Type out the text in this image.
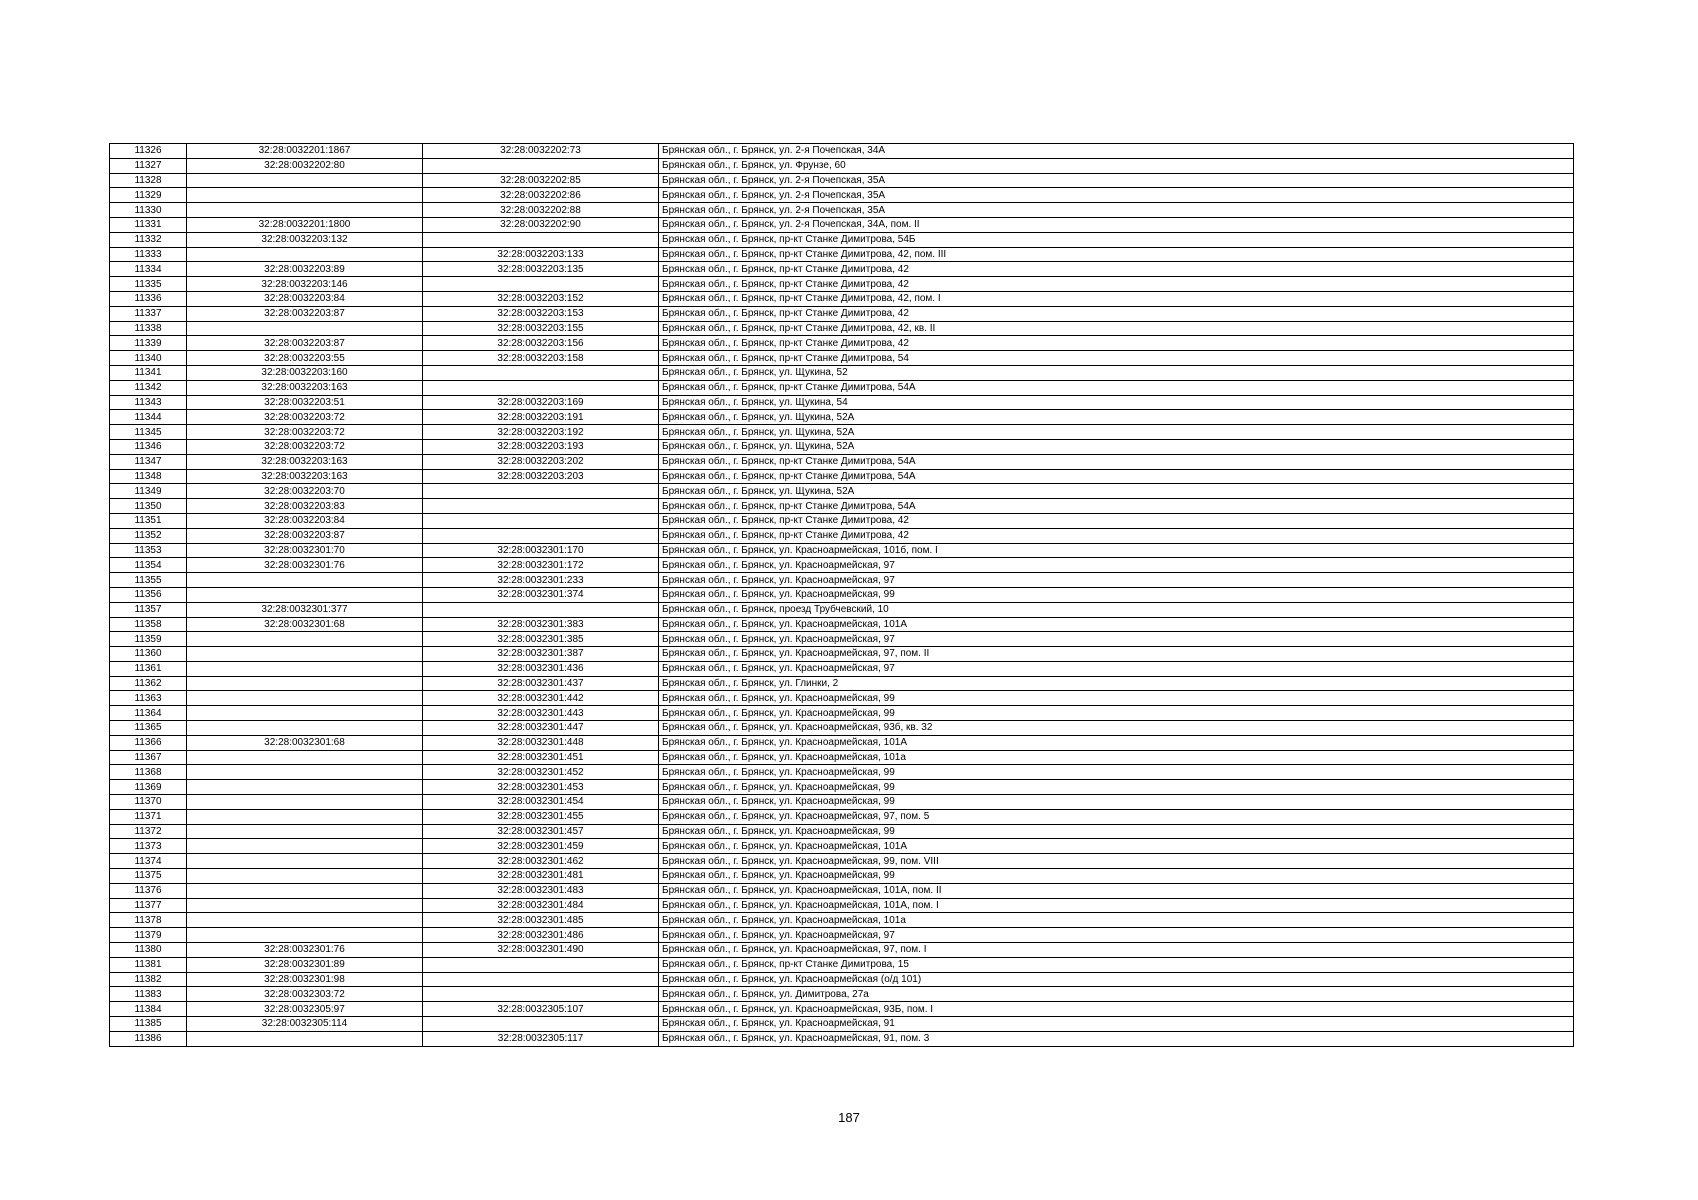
11326	32:28:0032201:1867	32:28:0032202:73	Брянская обл., г. Брянск, ул. 2-я Почепская, 34А
11327	32:28:0032202:80		Брянская обл., г. Брянск, ул. Фрунзе, 60
11328		32:28:0032202:85	Брянская обл., г. Брянск, ул. 2-я Почепская, 35А
11329		32:28:0032202:86	Брянская обл., г. Брянск, ул. 2-я Почепская, 35А
11330		32:28:0032202:88	Брянская обл., г. Брянск, ул. 2-я Почепская, 35А
11331	32:28:0032201:1800	32:28:0032202:90	Брянская обл., г. Брянск, ул. 2-я Почепская, 34А, пом. II
11332	32:28:0032203:132		Брянская обл., г. Брянск, пр-кт Станке Димитрова, 54Б
11333		32:28:0032203:133	Брянская обл., г. Брянск, пр-кт Станке Димитрова, 42, пом. III
11334	32:28:0032203:89	32:28:0032203:135	Брянская обл., г. Брянск, пр-кт Станке Димитрова, 42
11335	32:28:0032203:146		Брянская обл., г. Брянск, пр-кт Станке Димитрова, 42
11336	32:28:0032203:84	32:28:0032203:152	Брянская обл., г. Брянск, пр-кт Станке Димитрова, 42, пом. I
11337	32:28:0032203:87	32:28:0032203:153	Брянская обл., г. Брянск, пр-кт Станке Димитрова, 42
11338		32:28:0032203:155	Брянская обл., г. Брянск, пр-кт Станке Димитрова, 42, кв. II
11339	32:28:0032203:87	32:28:0032203:156	Брянская обл., г. Брянск, пр-кт Станке Димитрова, 42
11340	32:28:0032203:55	32:28:0032203:158	Брянская обл., г. Брянск, пр-кт Станке Димитрова, 54
11341	32:28:0032203:160		Брянская обл., г. Брянск, ул. Щукина, 52
11342	32:28:0032203:163		Брянская обл., г. Брянск, пр-кт Станке Димитрова, 54А
11343	32:28:0032203:51	32:28:0032203:169	Брянская обл., г. Брянск, ул. Щукина, 54
11344	32:28:0032203:72	32:28:0032203:191	Брянская обл., г. Брянск, ул. Щукина, 52А
11345	32:28:0032203:72	32:28:0032203:192	Брянская обл., г. Брянск, ул. Щукина, 52А
11346	32:28:0032203:72	32:28:0032203:193	Брянская обл., г. Брянск, ул. Щукина, 52А
11347	32:28:0032203:163	32:28:0032203:202	Брянская обл., г. Брянск, пр-кт Станке Димитрова, 54А
11348	32:28:0032203:163	32:28:0032203:203	Брянская обл., г. Брянск, пр-кт Станке Димитрова, 54А
11349	32:28:0032203:70		Брянская обл., г. Брянск, ул. Щукина, 52А
11350	32:28:0032203:83		Брянская обл., г. Брянск, пр-кт Станке Димитрова, 54А
11351	32:28:0032203:84		Брянская обл., г. Брянск, пр-кт Станке Димитрова, 42
11352	32:28:0032203:87		Брянская обл., г. Брянск, пр-кт Станке Димитрова, 42
11353	32:28:0032301:70	32:28:0032301:170	Брянская обл., г. Брянск, ул. Красноармейская, 101б, пом. I
11354	32:28:0032301:76	32:28:0032301:172	Брянская обл., г. Брянск, ул. Красноармейская, 97
11355		32:28:0032301:233	Брянская обл., г. Брянск, ул. Красноармейская, 97
11356		32:28:0032301:374	Брянская обл., г. Брянск, ул. Красноармейская, 99
11357	32:28:0032301:377		Брянская обл., г. Брянск, проезд Трубчевский, 10
11358	32:28:0032301:68	32:28:0032301:383	Брянская обл., г. Брянск, ул. Красноармейская, 101А
11359		32:28:0032301:385	Брянская обл., г. Брянск, ул. Красноармейская, 97
11360		32:28:0032301:387	Брянская обл., г. Брянск, ул. Красноармейская, 97, пом. II
11361		32:28:0032301:436	Брянская обл., г. Брянск, ул. Красноармейская, 97
11362		32:28:0032301:437	Брянская обл., г. Брянск, ул. Глинки, 2
11363		32:28:0032301:442	Брянская обл., г. Брянск, ул. Красноармейская, 99
11364		32:28:0032301:443	Брянская обл., г. Брянск, ул. Красноармейская, 99
11365		32:28:0032301:447	Брянская обл., г. Брянск, ул. Красноармейская, 93б, кв. 32
11366	32:28:0032301:68	32:28:0032301:448	Брянская обл., г. Брянск, ул. Красноармейская, 101А
11367		32:28:0032301:451	Брянская обл., г. Брянск, ул. Красноармейская, 101а
11368		32:28:0032301:452	Брянская обл., г. Брянск, ул. Красноармейская, 99
11369		32:28:0032301:453	Брянская обл., г. Брянск, ул. Красноармейская, 99
11370		32:28:0032301:454	Брянская обл., г. Брянск, ул. Красноармейская, 99
11371		32:28:0032301:455	Брянская обл., г. Брянск, ул. Красноармейская, 97, пом. 5
11372		32:28:0032301:457	Брянская обл., г. Брянск, ул. Красноармейская, 99
11373		32:28:0032301:459	Брянская обл., г. Брянск, ул. Красноармейская, 101А
11374		32:28:0032301:462	Брянская обл., г. Брянск, ул. Красноармейская, 99, пом. VIII
11375		32:28:0032301:481	Брянская обл., г. Брянск, ул. Красноармейская, 99
11376		32:28:0032301:483	Брянская обл., г. Брянск, ул. Красноармейская, 101А, пом. II
11377		32:28:0032301:484	Брянская обл., г. Брянск, ул. Красноармейская, 101А, пом. I
11378		32:28:0032301:485	Брянская обл., г. Брянск, ул. Красноармейская, 101а
11379		32:28:0032301:486	Брянская обл., г. Брянск, ул. Красноармейская, 97
11380	32:28:0032301:76	32:28:0032301:490	Брянская обл., г. Брянск, ул. Красноармейская, 97, пом. I
11381	32:28:0032301:89		Брянская обл., г. Брянск, пр-кт Станке Димитрова, 15
11382	32:28:0032301:98		Брянская обл., г. Брянск, ул. Красноармейская (о/д 101)
11383	32:28:0032303:72		Брянская обл., г. Брянск, ул. Димитрова, 27а
11384	32:28:0032305:97	32:28:0032305:107	Брянская обл., г. Брянск, ул. Красноармейская, 93Б, пом. I
11385	32:28:0032305:114		Брянская обл., г. Брянск, ул. Красноармейская, 91
11386		32:28:0032305:117	Брянская обл., г. Брянск, ул. Красноармейская, 91, пом. 3
187
